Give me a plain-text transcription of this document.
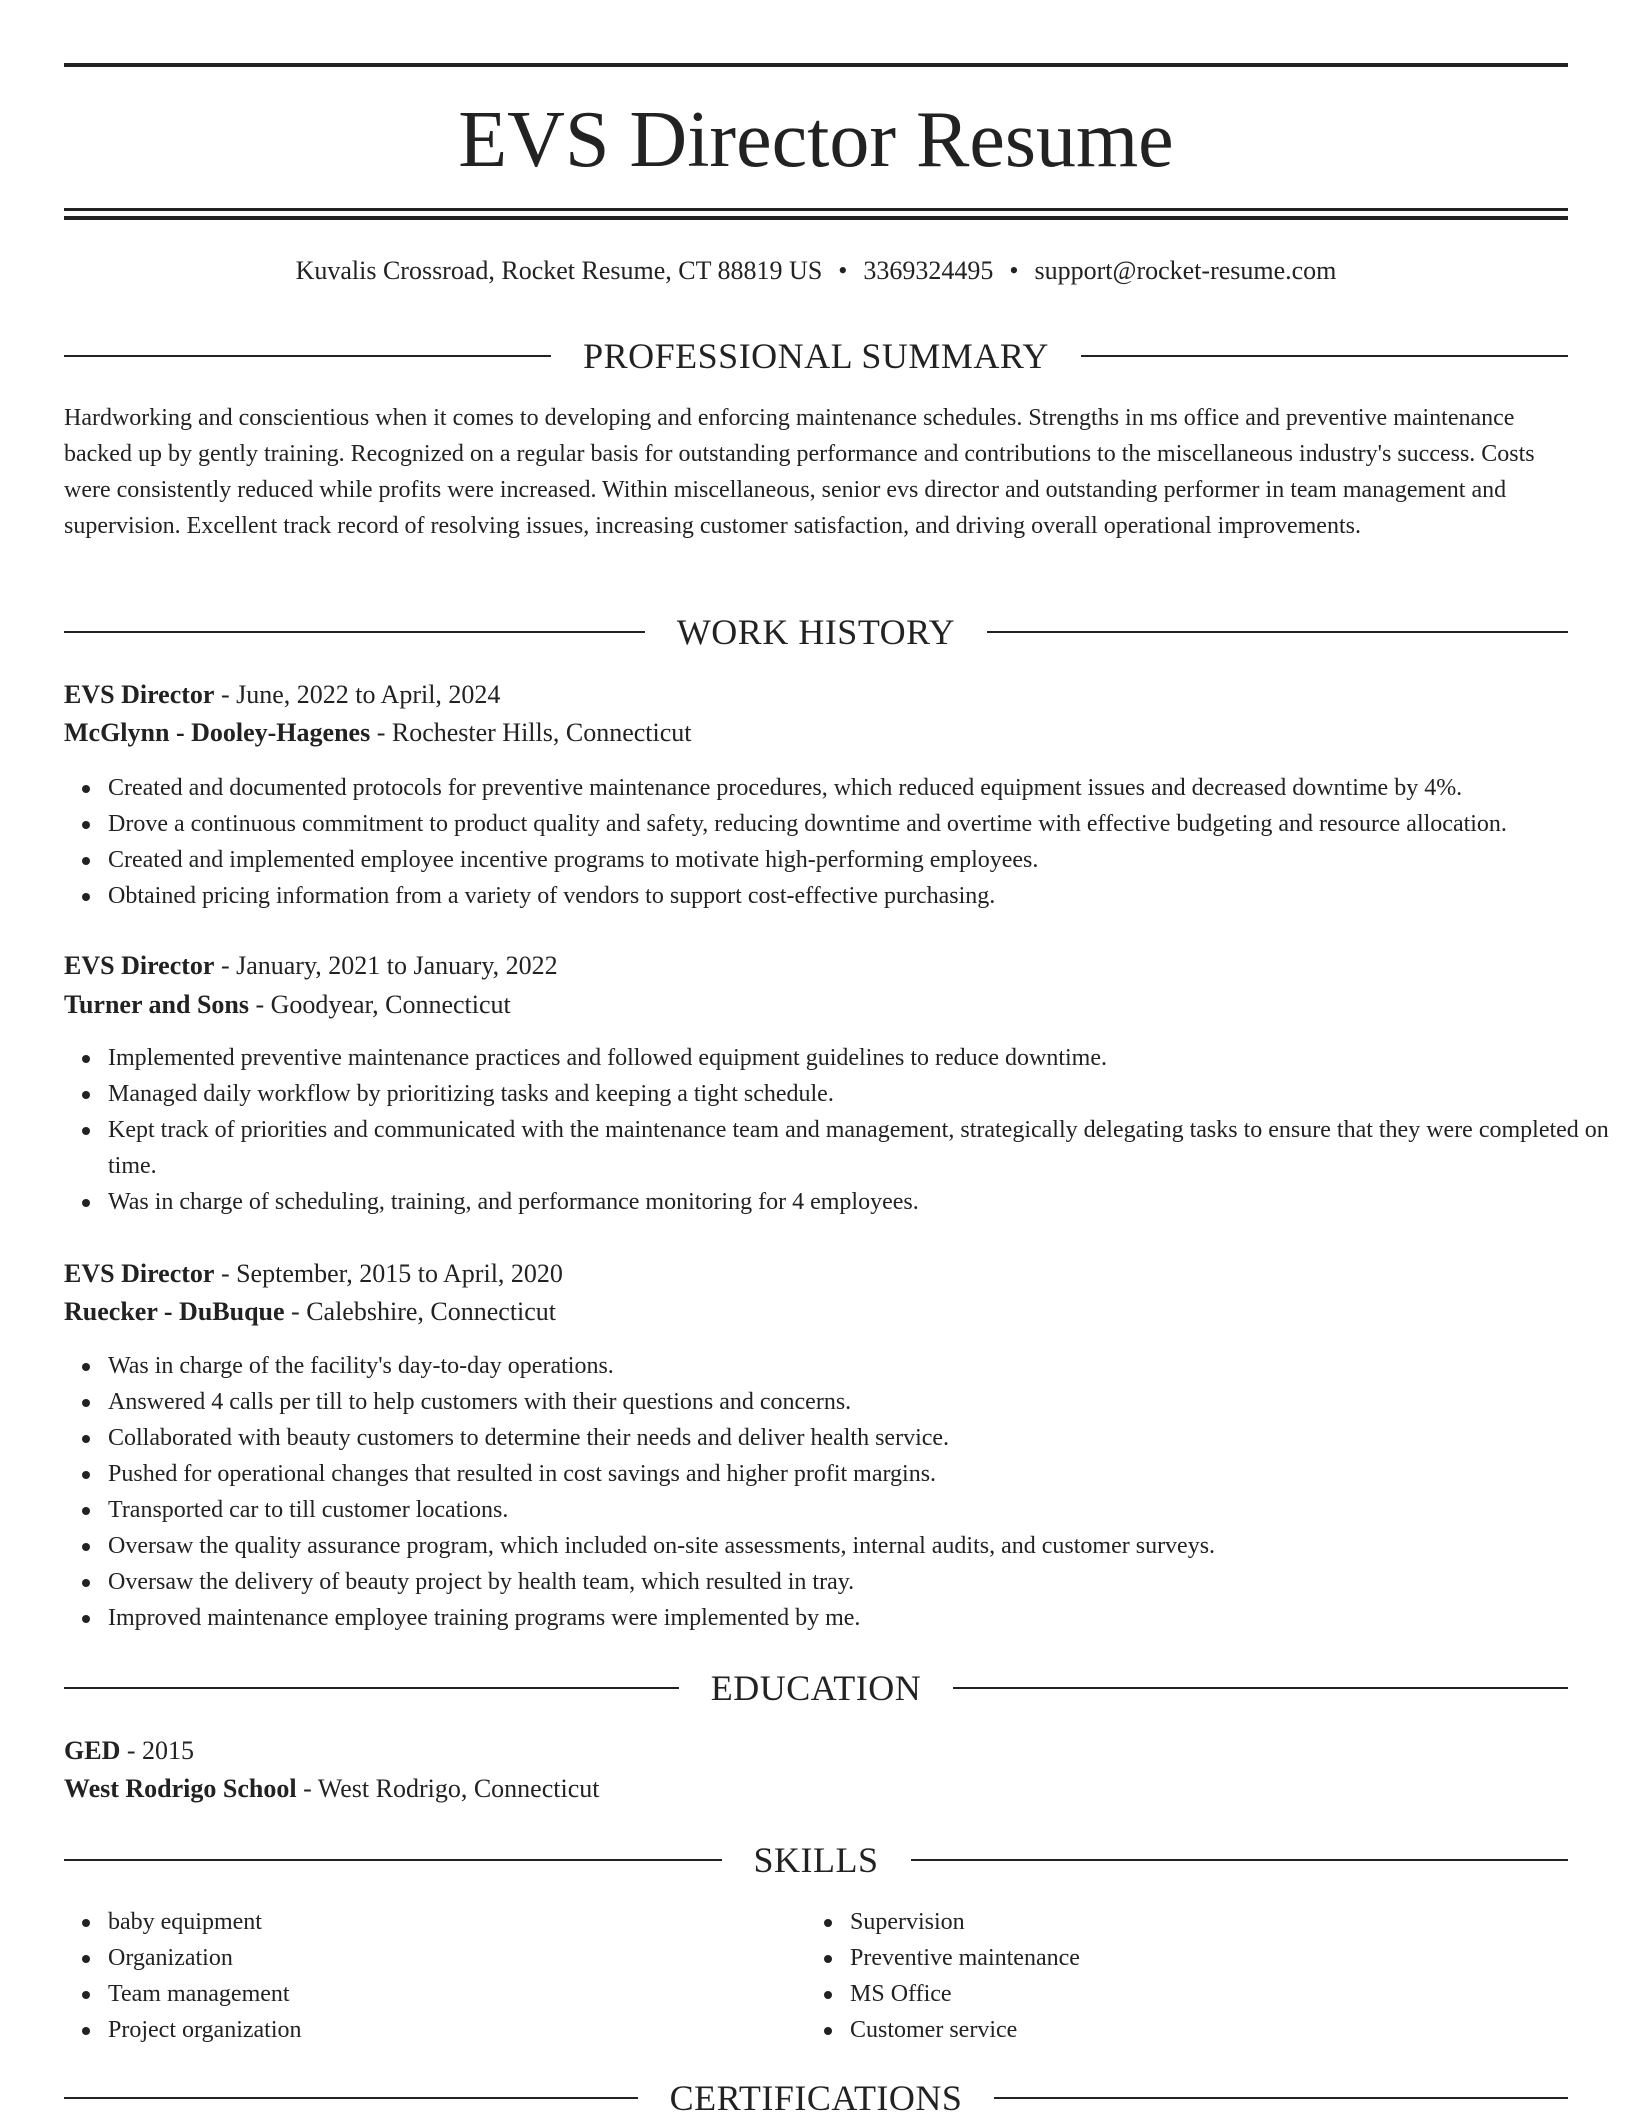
EVS Director Resume
Kuvalis Crossroad, Rocket Resume, CT 88819 US • 3369324495 • support@rocket-resume.com
PROFESSIONAL SUMMARY

Hardworking and conscientious when it comes to developing and enforcing maintenance schedules. Strengths in ms office and preventive maintenance backed up by gently training. Recognized on a regular basis for outstanding performance and contributions to the miscellaneous industry's success. Costs were consistently reduced while profits were increased. Within miscellaneous, senior evs director and outstanding performer in team management and supervision. Excellent track record of resolving issues, increasing customer satisfaction, and driving overall operational improvements.

WORK HISTORY
EVS Director - June, 2022 to April, 2024
McGlynn - Dooley-Hagenes - Rochester Hills, Connecticut
Created and documented protocols for preventive maintenance procedures, which reduced equipment issues and decreased downtime by 4%.
Drove a continuous commitment to product quality and safety, reducing downtime and overtime with effective budgeting and resource allocation.
Created and implemented employee incentive programs to motivate high-performing employees.
Obtained pricing information from a variety of vendors to support cost-effective purchasing.
EVS Director - January, 2021 to January, 2022
Turner and Sons - Goodyear, Connecticut
Implemented preventive maintenance practices and followed equipment guidelines to reduce downtime.
Managed daily workflow by prioritizing tasks and keeping a tight schedule.
Kept track of priorities and communicated with the maintenance team and management, strategically delegating tasks to ensure that they were completed on time.
Was in charge of scheduling, training, and performance monitoring for 4 employees.
EVS Director - September, 2015 to April, 2020
Ruecker - DuBuque - Calebshire, Connecticut
Was in charge of the facility's day-to-day operations.
Answered 4 calls per till to help customers with their questions and concerns.
Collaborated with beauty customers to determine their needs and deliver health service.
Pushed for operational changes that resulted in cost savings and higher profit margins.
Transported car to till customer locations.
Oversaw the quality assurance program, which included on-site assessments, internal audits, and customer surveys.
Oversaw the delivery of beauty project by health team, which resulted in tray.
Improved maintenance employee training programs were implemented by me.
EDUCATION
GED - 2015
West Rodrigo School - West Rodrigo, Connecticut
SKILLS
baby equipment
Organization
Team management
Project organization
Supervision
Preventive maintenance
MS Office
Customer service
CERTIFICATIONS
